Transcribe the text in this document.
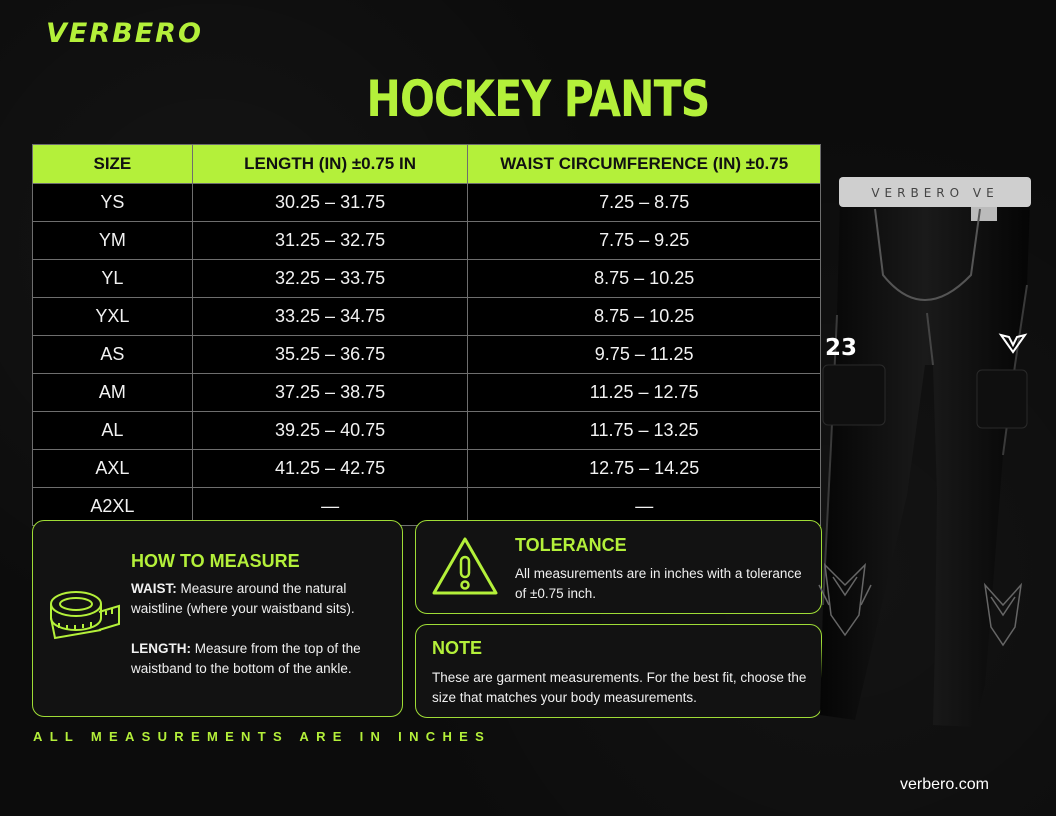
VERBERO
HOCKEY PANTS
SIZE	LENGTH (IN) ±0.75 IN	WAIST CIRCUMFERENCE (IN) ±0.75
YS	30.25 – 31.75	7.25 – 8.75
YM	31.25 – 32.75	7.75 – 9.25
YL	32.25 – 33.75	8.75 – 10.25
YXL	33.25 – 34.75	8.75 – 10.25
AS	35.25 – 36.75	9.75 – 11.25
AM	37.25 – 38.75	11.25 – 12.75
AL	39.25 – 40.75	11.75 – 13.25
AXL	41.25 – 42.75	12.75 – 14.25
A2XL	—	—
HOW TO MEASURE

WAIST: Measure around the natural waistline (where your waistband sits).

LENGTH: Measure from the top of the waistband to the bottom of the ankle.

TOLERANCE

All measurements are in inches with a tolerance of ±0.75 inch.

NOTE

These are garment measurements. For the best fit, choose the size that matches your body measurements.

ALL MEASUREMENTS ARE IN INCHES
verbero.com
VERBERO VE
23
